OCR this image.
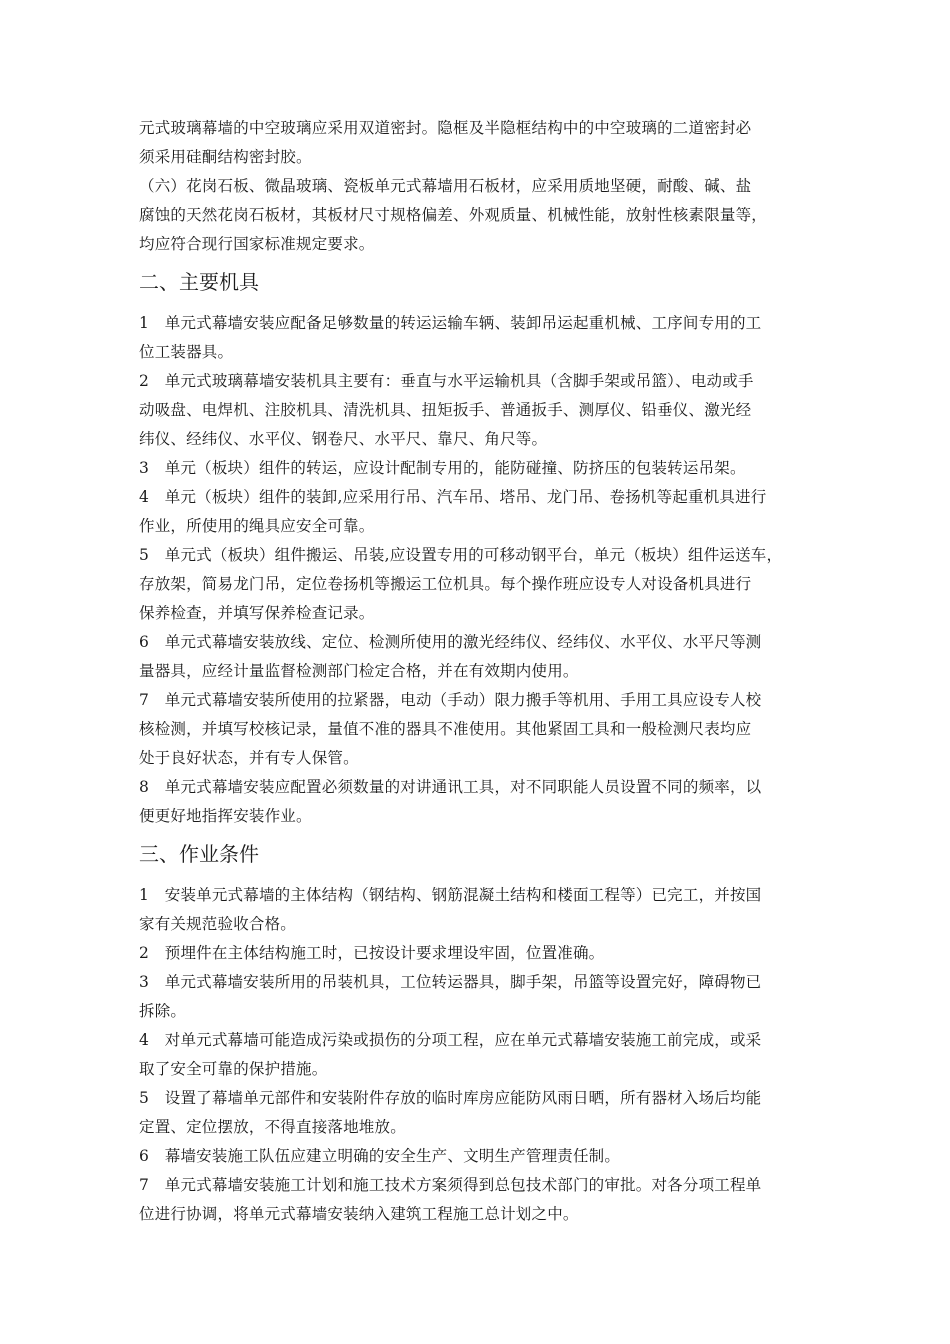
元式玻璃幕墙的中空玻璃应采用双道密封。隐框及半隐框结构中的中空玻璃的二道密封必
须采用硅酮结构密封胶。
（六）花岗石板、微晶玻璃、瓷板单元式幕墙用石板材，应采用质地坚硬，耐酸、碱、盐
腐蚀的天然花岗石板材，其板材尺寸规格偏差、外观质量、机械性能，放射性核素限量等，
均应符合现行国家标准规定要求。
二、主要机具
1　单元式幕墙安装应配备足够数量的转运运输车辆、装卸吊运起重机械、工序间专用的工
位工装器具。
2　单元式玻璃幕墙安装机具主要有：垂直与水平运输机具（含脚手架或吊篮）、电动或手
动吸盘、电焊机、注胶机具、清洗机具、扭矩扳手、普通扳手、测厚仪、铅垂仪、激光经
纬仪、经纬仪、水平仪、钢卷尺、水平尺、靠尺、角尺等。
3　单元（板块）组件的转运，应设计配制专用的，能防碰撞、防挤压的包装转运吊架。
4　单元（板块）组件的装卸,应采用行吊、汽车吊、塔吊、龙门吊、卷扬机等起重机具进行
作业，所使用的绳具应安全可靠。
5　单元式（板块）组件搬运、吊装,应设置专用的可移动钢平台，单元（板块）组件运送车，
存放架，简易龙门吊，定位卷扬机等搬运工位机具。每个操作班应设专人对设备机具进行
保养检查，并填写保养检查记录。
6　单元式幕墙安装放线、定位、检测所使用的激光经纬仪、经纬仪、水平仪、水平尺等测
量器具，应经计量监督检测部门检定合格，并在有效期内使用。
7　单元式幕墙安装所使用的拉紧器，电动（手动）限力搬手等机用、手用工具应设专人校
核检测，并填写校核记录，量值不准的器具不准使用。其他紧固工具和一般检测尺表均应
处于良好状态，并有专人保管。
8　单元式幕墙安装应配置必须数量的对讲通讯工具，对不同职能人员设置不同的频率，以
便更好地指挥安装作业。
三、作业条件
1　安装单元式幕墙的主体结构（钢结构、钢筋混凝土结构和楼面工程等）已完工，并按国
家有关规范验收合格。
2　预埋件在主体结构施工时，已按设计要求埋设牢固，位置准确。
3　单元式幕墙安装所用的吊装机具，工位转运器具，脚手架，吊篮等设置完好，障碍物已
拆除。
4　对单元式幕墙可能造成污染或损伤的分项工程，应在单元式幕墙安装施工前完成，或采
取了安全可靠的保护措施。
5　设置了幕墙单元部件和安装附件存放的临时库房应能防风雨日晒，所有器材入场后均能
定置、定位摆放，不得直接落地堆放。
6　幕墙安装施工队伍应建立明确的安全生产、文明生产管理责任制。
7　单元式幕墙安装施工计划和施工技术方案须得到总包技术部门的审批。对各分项工程单
位进行协调，将单元式幕墙安装纳入建筑工程施工总计划之中。
